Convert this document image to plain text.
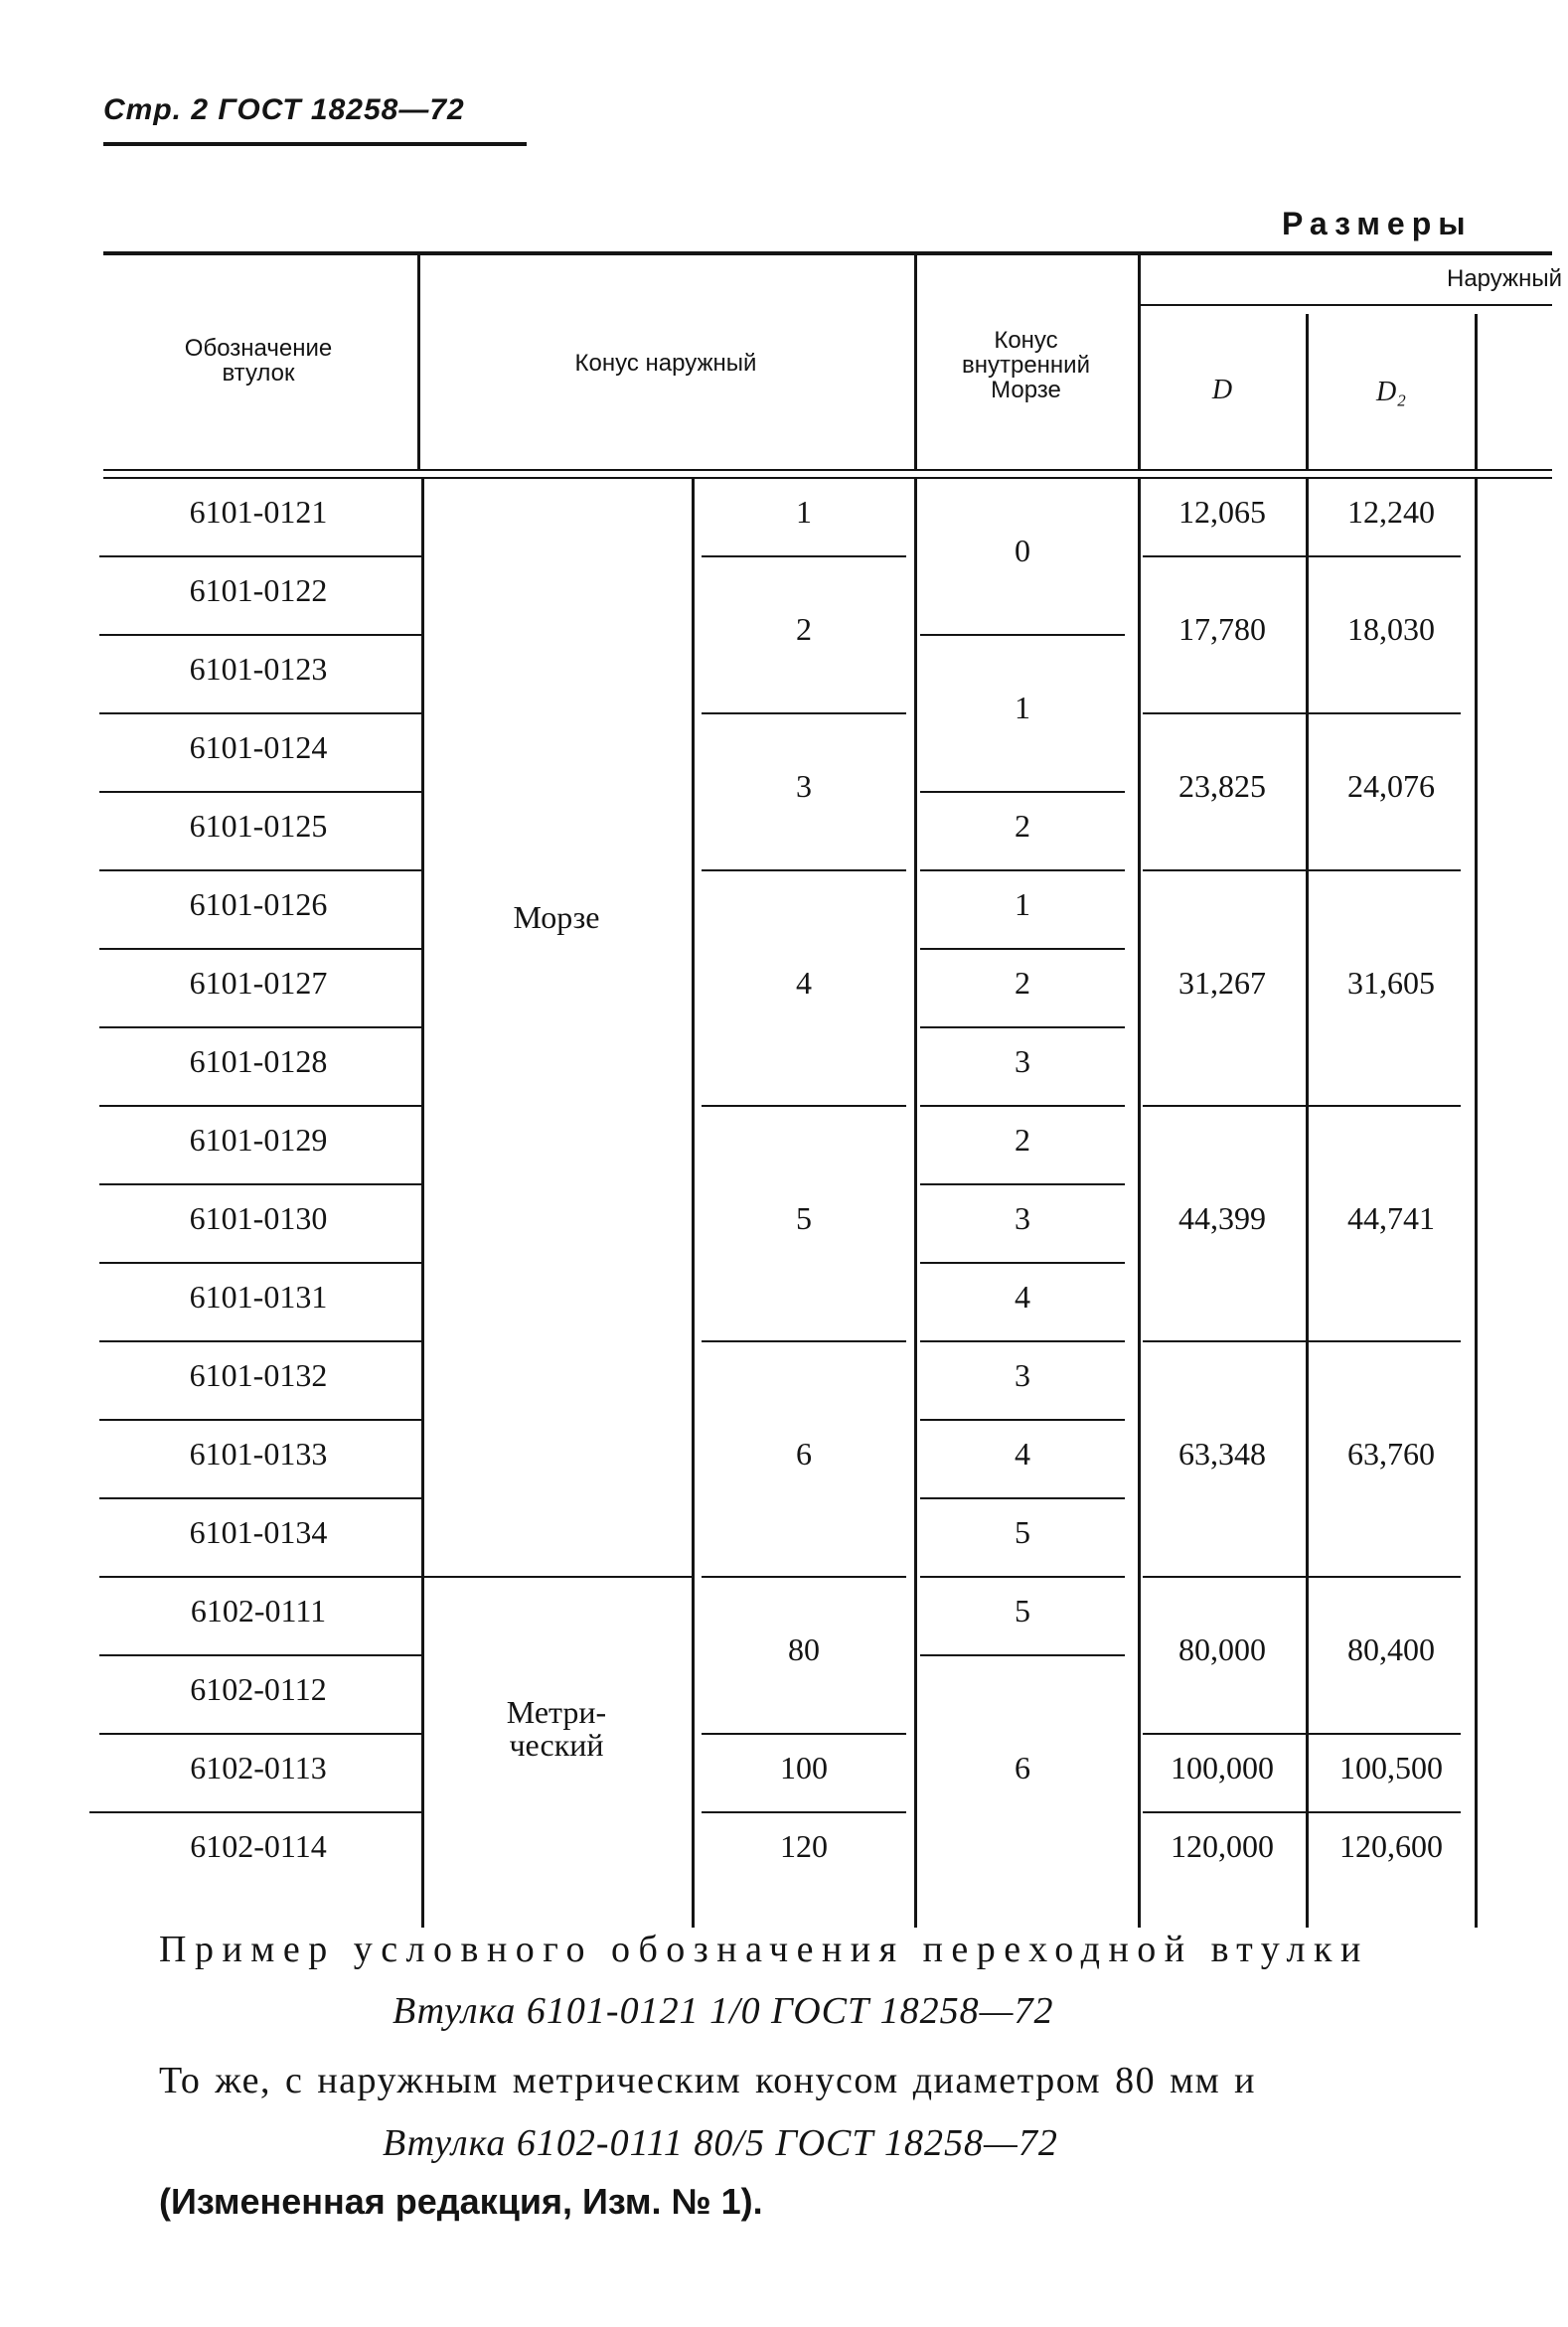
Стр. 2 ГОСТ 18258—72
Размеры
Обозначение втулок	Конус наружный
Конус внутренний Морзе
Наружный
D	D₂
6101-0121
6101-0122
6101-0123
6101-0124
6101-0125
6101-0126
6101-0127
6101-0128
6101-0129
6101-0130
6101-0131
6101-0132
6101-0133
6101-0134
6102-0111
6102-0112
6102-0113
6102-0114
Морзе
Метри-
ческий
1
2
3
4
5
6
80
100
120
0
1
2
1
2
3
2
3
4
3
4
5
5
6
12,065
17,780
23,825
31,267
44,399
63,348
80,000
100,000
120,000
12,240
18,030
24,076
31,605
44,741
63,760
80,400
100,500
120,600
Пример условного обозначения переходной втулки
Втулка 6101-0121 1/0 ГОСТ 18258—72
То же, с наружным метрическим конусом диаметром 80 мм и
Втулка 6102-0111 80/5 ГОСТ 18258—72
(Измененная редакция, Изм. № 1).
